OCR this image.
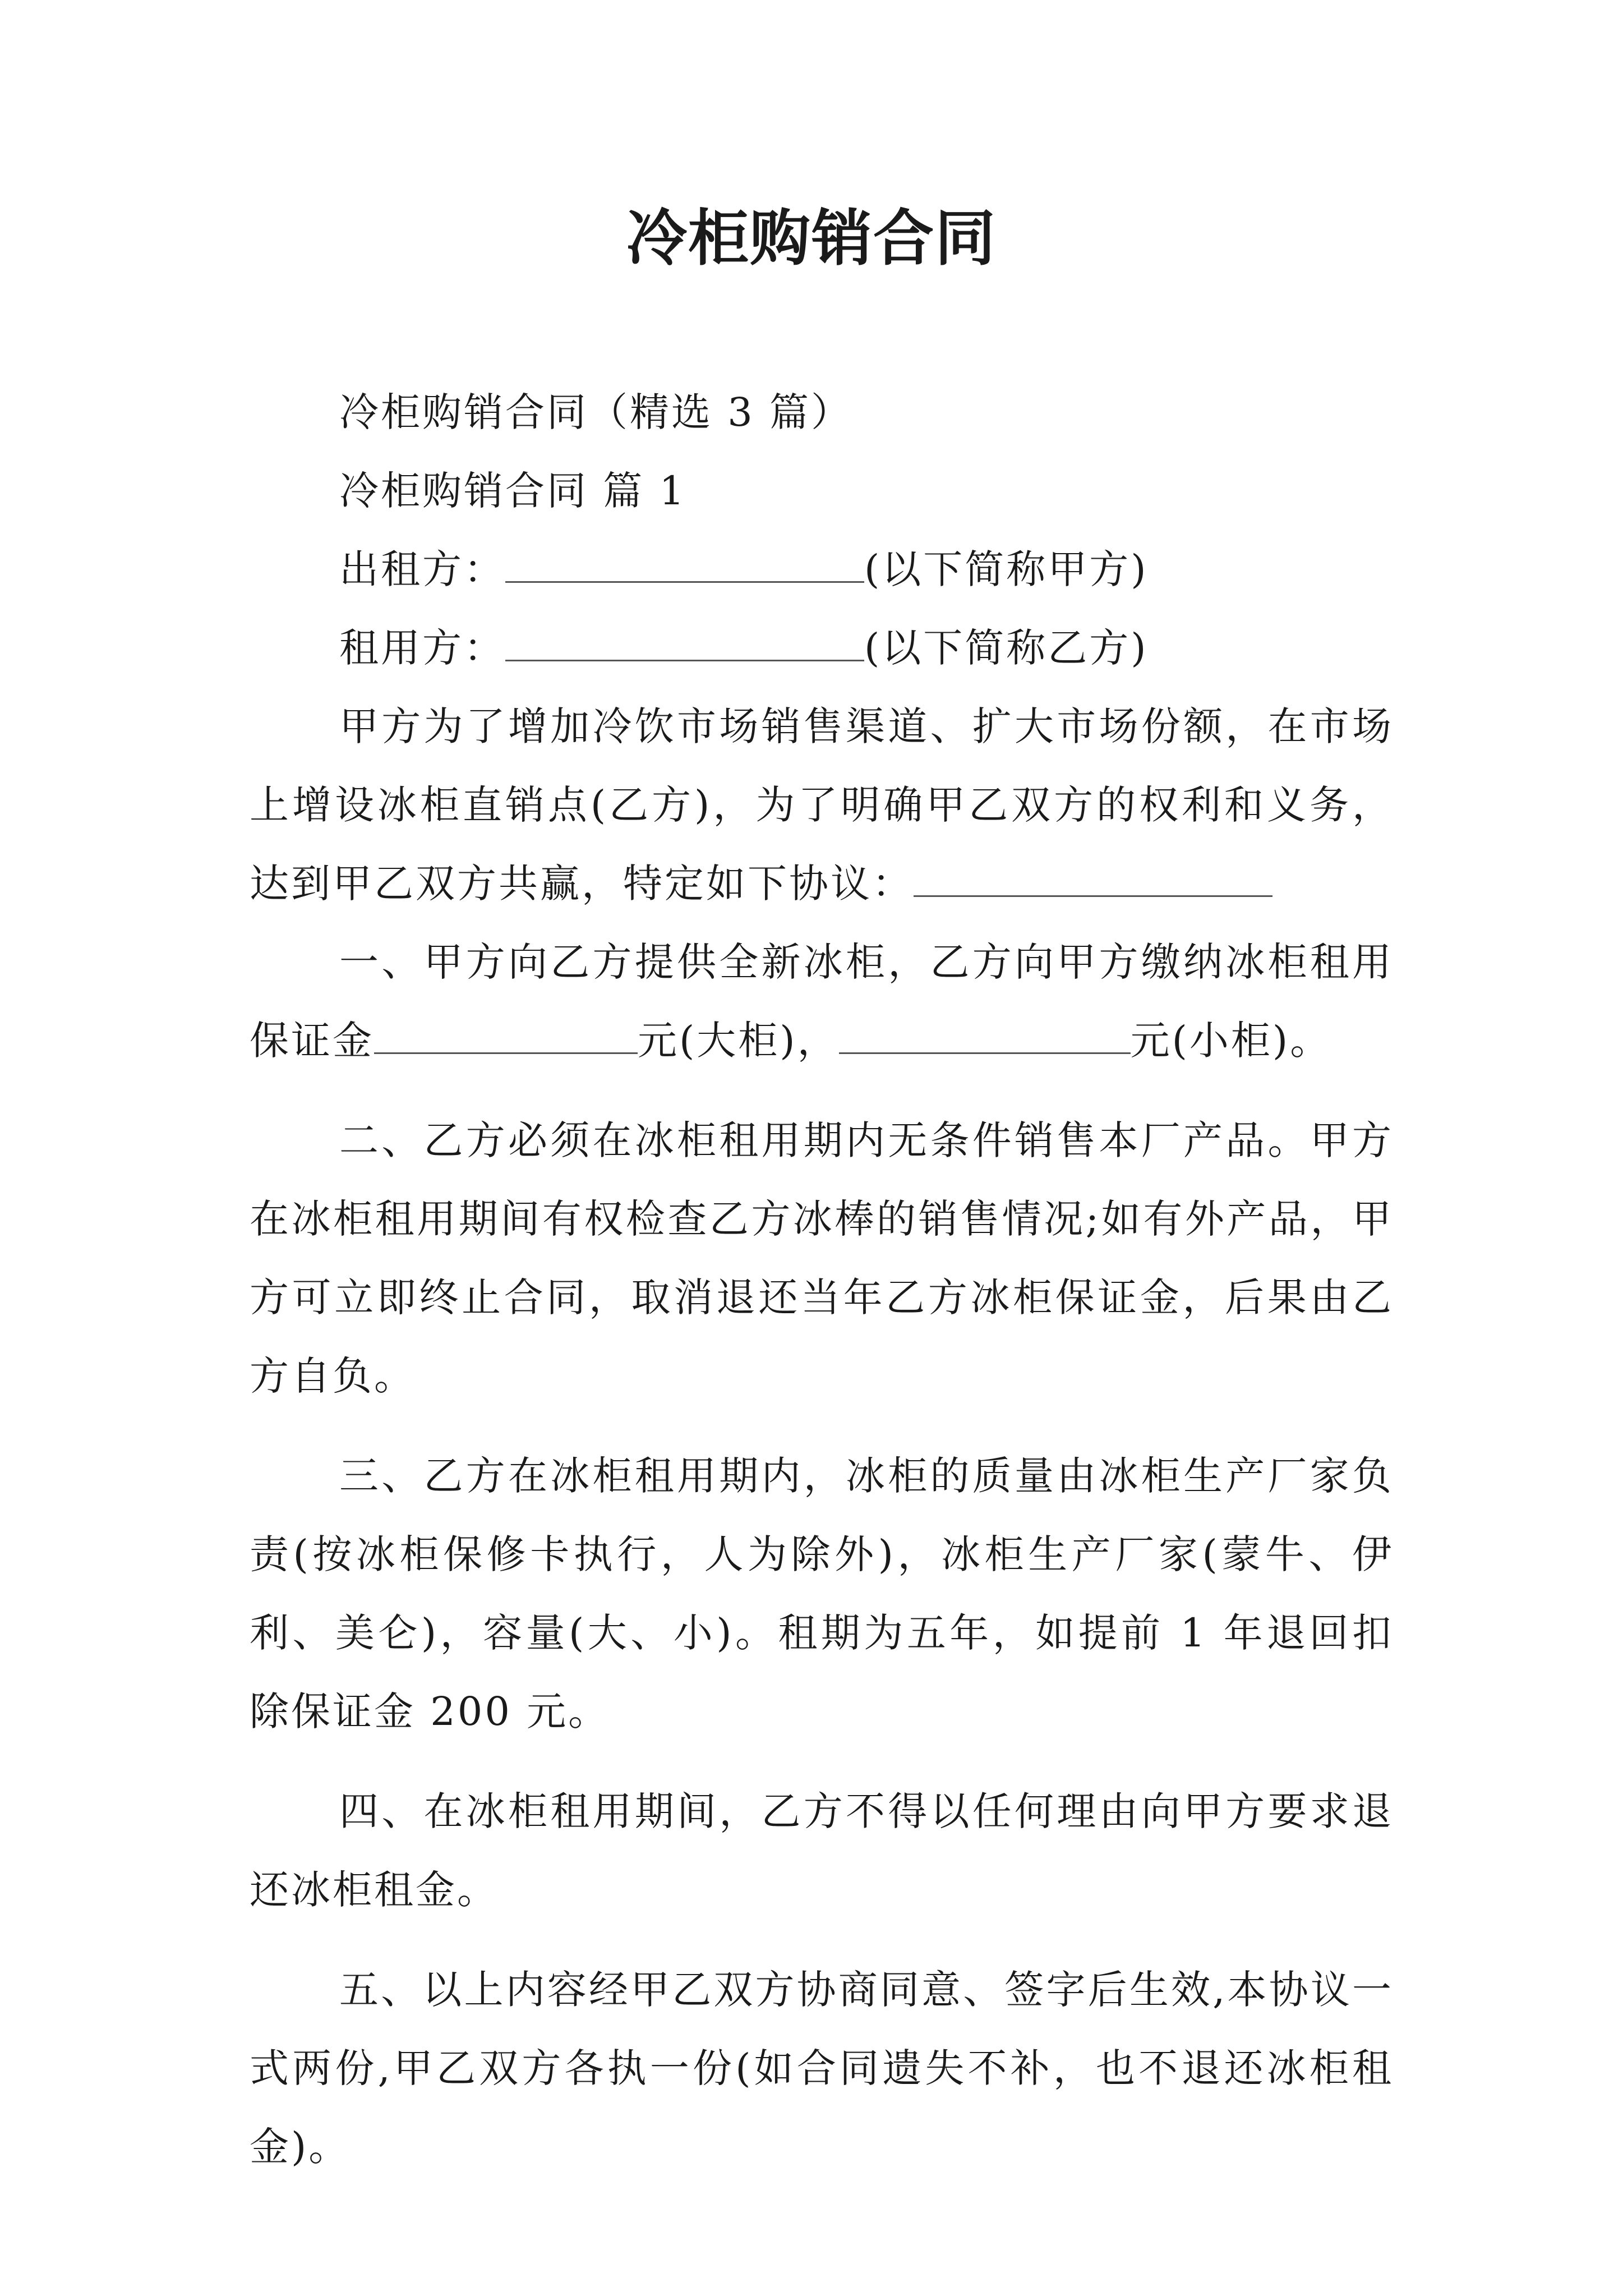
冷柜购销合同

冷柜购销合同（精选 3 篇）

冷柜购销合同 篇 1

出租方：	(以下简称甲方)

租用方：	(以下简称乙方)

甲方为了增加冷饮市场销售渠道、扩大市场份额，在市场上增设冰柜直销点(乙方)，为了明确甲乙双方的权利和义务，达到甲乙双方共赢，特定如下协议：

一、甲方向乙方提供全新冰柜，乙方向甲方缴纳冰柜租用保证金	元(大柜)，	元(小柜)。

二、乙方必须在冰柜租用期内无条件销售本厂产品。甲方在冰柜租用期间有权检查乙方冰棒的销售情况;如有外产品，甲方可立即终止合同，取消退还当年乙方冰柜保证金，后果由乙方自负。

三、乙方在冰柜租用期内，冰柜的质量由冰柜生产厂家负责(按冰柜保修卡执行，人为除外)，冰柜生产厂家(蒙牛、伊利、美仑)，容量(大、小)。租期为五年，如提前 1 年退回扣除保证金 200 元。

四、在冰柜租用期间，乙方不得以任何理由向甲方要求退还冰柜租金。

五、以上内容经甲乙双方协商同意、签字后生效,本协议一式两份,甲乙双方各执一份(如合同遗失不补，也不退还冰柜租金)。
